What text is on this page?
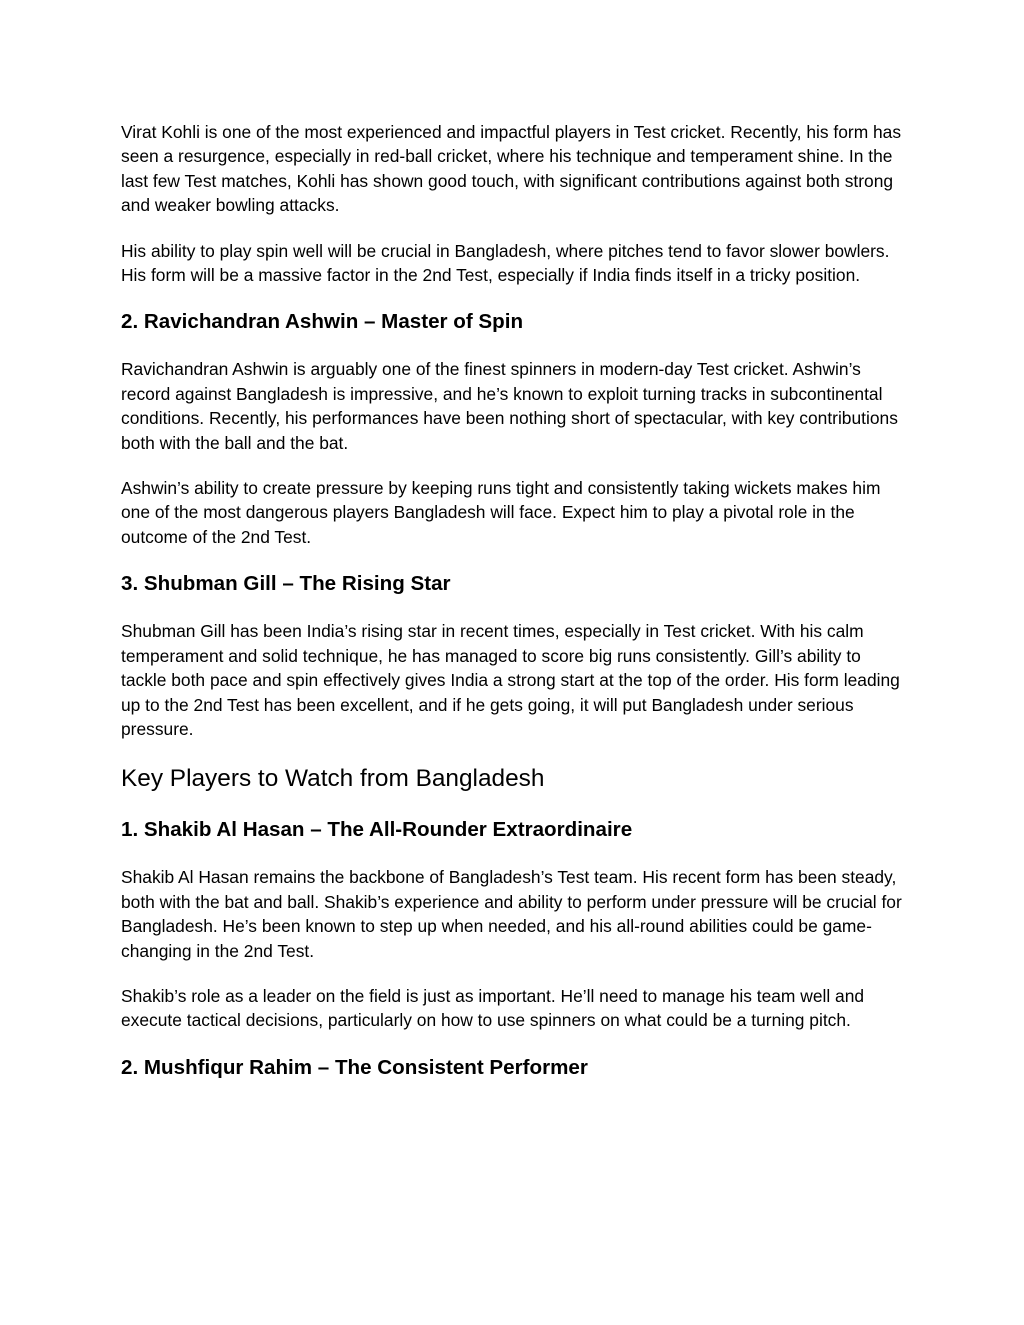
Virat Kohli is one of the most experienced and impactful players in Test cricket. Recently, his form has seen a resurgence, especially in red-ball cricket, where his technique and temperament shine. In the last few Test matches, Kohli has shown good touch, with significant contributions against both strong and weaker bowling attacks.

His ability to play spin well will be crucial in Bangladesh, where pitches tend to favor slower bowlers. His form will be a massive factor in the 2nd Test, especially if India finds itself in a tricky position.

2. Ravichandran Ashwin – Master of Spin

Ravichandran Ashwin is arguably one of the finest spinners in modern-day Test cricket. Ashwin’s record against Bangladesh is impressive, and he’s known to exploit turning tracks in subcontinental conditions. Recently, his performances have been nothing short of spectacular, with key contributions both with the ball and the bat.

Ashwin’s ability to create pressure by keeping runs tight and consistently taking wickets makes him one of the most dangerous players Bangladesh will face. Expect him to play a pivotal role in the outcome of the 2nd Test.

3. Shubman Gill – The Rising Star

Shubman Gill has been India’s rising star in recent times, especially in Test cricket. With his calm temperament and solid technique, he has managed to score big runs consistently. Gill’s ability to tackle both pace and spin effectively gives India a strong start at the top of the order. His form leading up to the 2nd Test has been excellent, and if he gets going, it will put Bangladesh under serious pressure.

Key Players to Watch from Bangladesh
1. Shakib Al Hasan – The All-Rounder Extraordinaire

Shakib Al Hasan remains the backbone of Bangladesh’s Test team. His recent form has been steady, both with the bat and ball. Shakib’s experience and ability to perform under pressure will be crucial for Bangladesh. He’s been known to step up when needed, and his all-round abilities could be game-changing in the 2nd Test.

Shakib’s role as a leader on the field is just as important. He’ll need to manage his team well and execute tactical decisions, particularly on how to use spinners on what could be a turning pitch.

2. Mushfiqur Rahim – The Consistent Performer
